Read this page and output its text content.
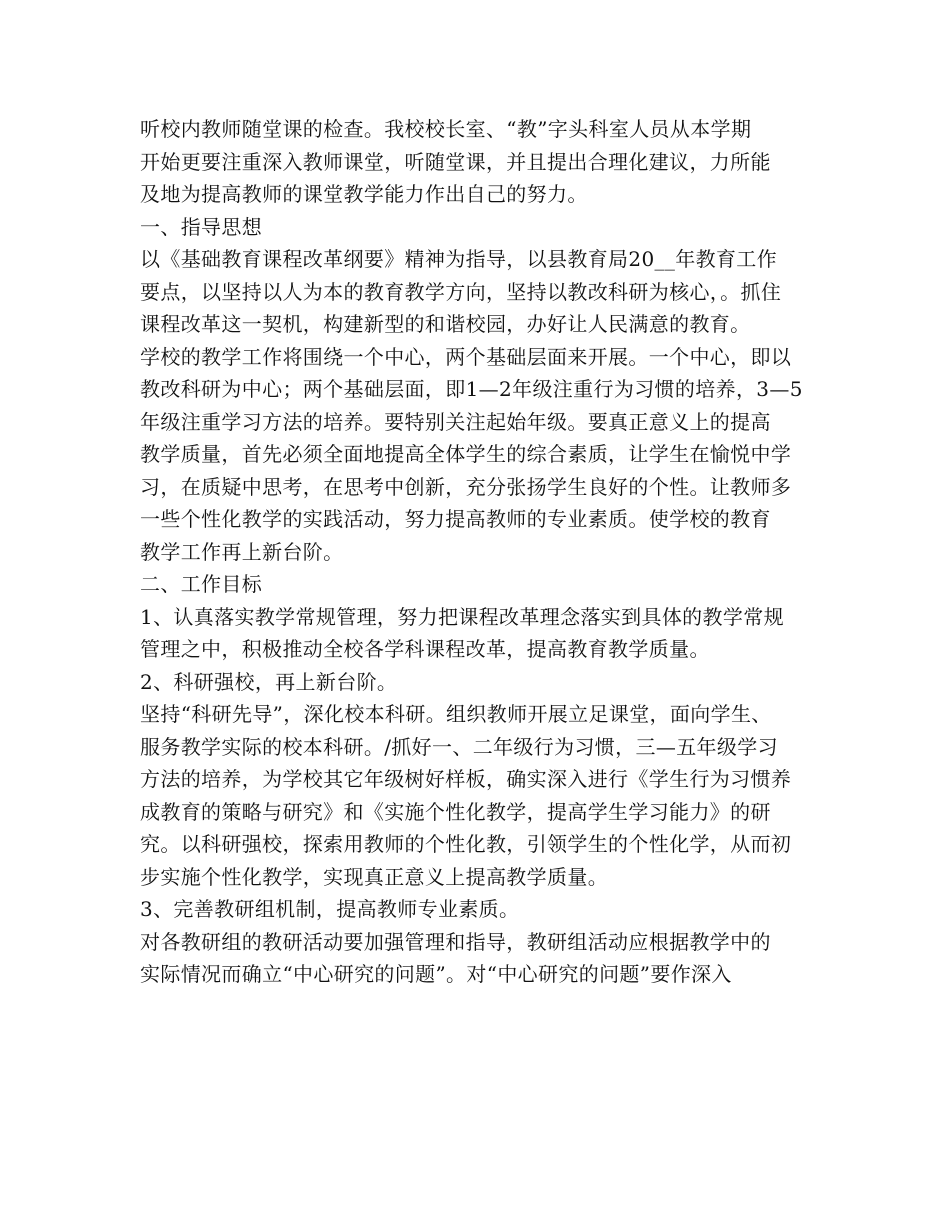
听校内教师随堂课的检查。我校校长室、“教”字头科室人员从本学期
开始更要注重深入教师课堂，听随堂课，并且提出合理化建议，力所能
及地为提高教师的课堂教学能力作出自己的努力。
一、指导思想
以《基础教育课程改革纲要》精神为指导，以县教育局20__年教育工作
要点，以坚持以人为本的教育教学方向，坚持以教改科研为核心，。抓住
课程改革这一契机，构建新型的和谐校园，办好让人民满意的教育。
学校的教学工作将围绕一个中心，两个基础层面来开展。一个中心，即以
教改科研为中心；两个基础层面，即1—2年级注重行为习惯的培养，3—5
年级注重学习方法的培养。要特别关注起始年级。要真正意义上的提高
教学质量，首先必须全面地提高全体学生的综合素质，让学生在愉悦中学
习，在质疑中思考，在思考中创新，充分张扬学生良好的个性。让教师多
一些个性化教学的实践活动，努力提高教师的专业素质。使学校的教育
教学工作再上新台阶。
二、工作目标
1、认真落实教学常规管理，努力把课程改革理念落实到具体的教学常规
管理之中，积极推动全校各学科课程改革，提高教育教学质量。
2、科研强校，再上新台阶。
坚持“科研先导”，深化校本科研。组织教师开展立足课堂，面向学生、
服务教学实际的校本科研。/抓好一、二年级行为习惯，三—五年级学习
方法的培养，为学校其它年级树好样板，确实深入进行《学生行为习惯养
成教育的策略与研究》和《实施个性化教学，提高学生学习能力》的研
究。以科研强校，探索用教师的个性化教，引领学生的个性化学，从而初
步实施个性化教学，实现真正意义上提高教学质量。
3、完善教研组机制，提高教师专业素质。
对各教研组的教研活动要加强管理和指导，教研组活动应根据教学中的
实际情况而确立“中心研究的问题”。对“中心研究的问题”要作深入
